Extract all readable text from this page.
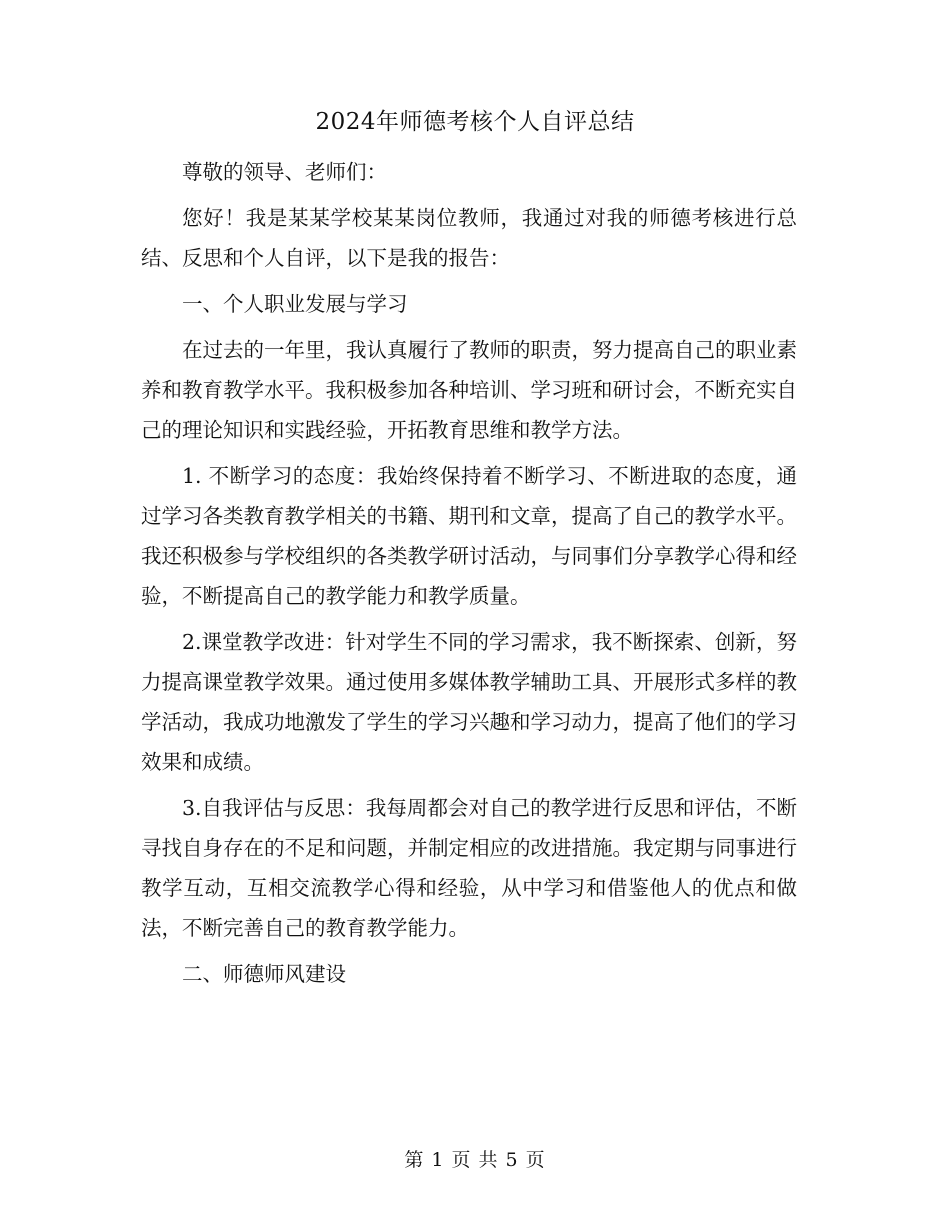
2024年师德考核个人自评总结

尊敬的领导、老师们：

您好！我是某某学校某某岗位教师，我通过对我的师德考核进行总结、反思和个人自评，以下是我的报告：

一、个人职业发展与学习

在过去的一年里，我认真履行了教师的职责，努力提高自己的职业素养和教育教学水平。我积极参加各种培训、学习班和研讨会，不断充实自己的理论知识和实践经验，开拓教育思维和教学方法。

1. 不断学习的态度：我始终保持着不断学习、不断进取的态度，通过学习各类教育教学相关的书籍、期刊和文章，提高了自己的教学水平。我还积极参与学校组织的各类教学研讨活动，与同事们分享教学心得和经验，不断提高自己的教学能力和教学质量。

2.课堂教学改进：针对学生不同的学习需求，我不断探索、创新，努力提高课堂教学效果。通过使用多媒体教学辅助工具、开展形式多样的教学活动，我成功地激发了学生的学习兴趣和学习动力，提高了他们的学习效果和成绩。

3.自我评估与反思：我每周都会对自己的教学进行反思和评估，不断寻找自身存在的不足和问题，并制定相应的改进措施。我定期与同事进行教学互动，互相交流教学心得和经验，从中学习和借鉴他人的优点和做法，不断完善自己的教育教学能力。

二、师德师风建设

第 1 页 共 5 页
